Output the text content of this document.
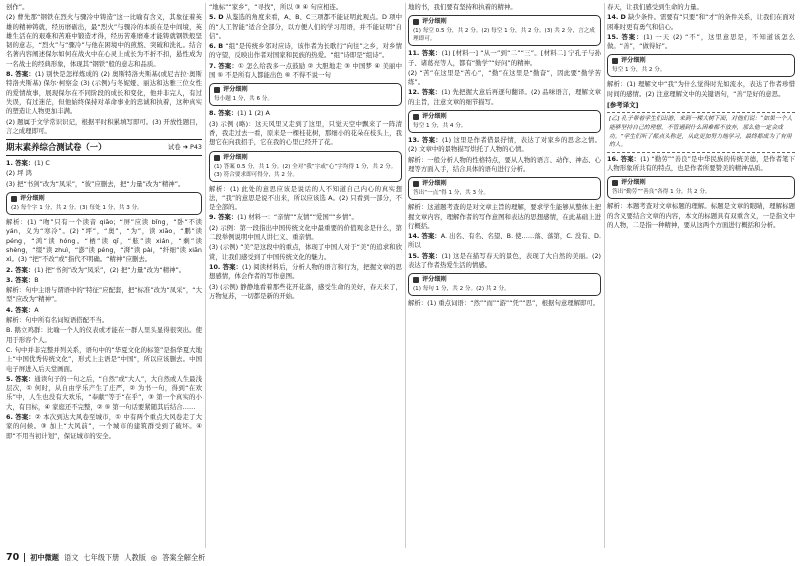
创作”。

(2) 曹先那“钢铁在烈火与骤冷中铸造”这一比喻有含义，其象征着英雄的精神铸就，经历磨砺出，最“烈火”与骤冷的本质在是中间境，英雄生活在的艰难和苦难中锻造才得，经历苦难磨难才能铸就钢铁般坚韧的意志，“烈火”与“骤冷”与他在困境中的煎熬、突破和洗礼。结合名著内容阐述保尔如何在战火中在心灵上成长为不折不扣，悬性成为一名战士的经典形象，体现其“钢铁”般的意志和品质。

8. 答案：(1) 别快是怎样炼成的 (2) 奥斯特洛夫斯基(或尼古拉·奥斯特洛夫斯基) 保尔·柯察金 (3) (示例)与冬妮娅、丽达和达雅三位女性的爱情故事，展现保尔在不同阶段的成长和变化，他并非完人，有过失误，有过迷茫，但他始终保持对革命事业的忠诚和执着，这种真实的塑造让人物更加丰满。

(2) 题属于文学常识识记，根据平时积累填写即可。(3) 开放性题目，言之成理即可。

期末素养综合测试卷（一）	试卷 ➜ P43

1. 答案：(1) C

(2) 坪 鸿

(3) 把“书剑”改为“凤采”，“彼”应删去，把“力量”改为“精神”。

评分细则
(2) 每个字 1 分，共 2 分。(3) 每处 1 分，共 3 分。

解析：(1) “吻”只有一个读音 qiāo；“屏”应读 bǐng，“卧”不读 yán，义为“寒冷”。(2) “坪”，“奥”，“为”，读 xiāo，“鹏”读 péng，“鸿”读 hóng。“栖”读 qī，“舷”读 xián，“剩”读 shèng，“缀”读 zhuì，“澎”读 péng，“湃”读 pài，“纤细”读 xiān xì。(3) “把”不改“或”指代不明确。“精神”应删去。

2. 答案：(1) 把“书剑”改为“凤采”，(2) 把“力量”改为“精神”。

3. 答案：B

解析：句中主语与谓语中的“特征”应配套，把“标准”改为“凤采”，“大型”应改为“精神”。

4. 答案：A

解析：句中所有名词短语搭配不当。

B. 鹅立鸡群：比喻一个人的仪表或才能在一群人里头显得很突出。使用于形容个人。

C. 句中并非完整并列关系，语句中的“华夏文化的标签”是指华夏大地上“中国优秀传统文化”，形式上主语是“中国”，所以应该删去。中国电子屏进入后天堂画面。

5. 答案：通读句子的一句之后，“自然”或“大人”，大自然或人生最浅层次，① 何时，从自由学乐产生了庄严，② 为书一句，得到“在欢乐”中，人生也没有大欢乐，“奉献”等于“在乎”，③ 第一个真实的小大，有目标，④ 家庭还不完整，② ⑤ 第一句话要紧随其后结合……

6. 答案：② 本次到达大风卷至城市，① 中有两个重点大风卷走了大家的问候。③ 加上“大风前”，一个城市的建筑群受到了破坏。④ 即“不用当初计划”，保证城市的安全。

“地标”“家乡”，“寻找”，所以 ③ ④ 句应相连。

5. D 从鉴选的角度来看，A、B、C三项都不能证明此观点。D 项中的“人工智能”适合全部分，以方便人们的学习用语，并不能证明“自信”。

6. B “组”是传统乡邻对应诗，该作者为长歌行“向往”之乡，对乡情的守望，反映出作者对国家和民族的热爱。“组”诗即是“组诗”。

7. 答案：① 怎么给我多一点鼓励 ② 大胆地走 ③ 中国梦 ④ 美丽中国 ⑤ 不是所有人都能出色 ⑥ 不得不说一句

评分细则
每小题 1 分，共 6 分。

8. 答案：(1) 1 (2) A

(3) 示例 (略)：这天风里又走到了这里，只觉天空中飘来了一阵清香，我走过去一看，原来是一棵桂花树，那细小的花朵在枝头上，我想它在向我招手，它在我的心里已经开了花。

评分细则
(1) 答案 0.5 分，共 1 分。(2) 全对“我”字或“心”字均得 1 分，共 2 分。(3) 符合要求即可得分，共 2 分。

解析：(1) 此处的意思应该是说话的人不知道自己内心的真实想法，“我”的意思是说不出来，所以应该选 A。(2) 只看到一部分，不是全部的。

9. 答案：(1) 材料一：“亲情”“友情”“爱国”“乡情”。

(2) 示例：第一段指出中国传统文化中最重要的价值观念是什么，第二段举例说明中国人讲仁义、重亲情。

(3) (示例) “美”是这段中的重点，体现了中国人对于“美”的追求和欣赏，让我们感受到了中国传统文化的魅力。

10. 答案：(1) 阅读材料后，分析人物的语言和行为，把握文章的思想感情，体会作者的写作意图。

(3) (示例) 静静地看着那些花开花落，感受生命的美好，春天来了，万物复苏，一切都是新的开始。

地的书，我们要有坚持和执着的精神。

评分细则
(1) 每空 0.5 分，共 2 分。(2) 每空 1 分，共 2 分。(3) 共 2 分，言之成理即可。

11. 答案：(1) [材料一] “从一”到“二”“三”。[材料二] 宁孔子与孙子、诸葛亮等人，都有“勤学”“好问”的精神。

(2) “苦”在这里是“苦心”，“勤”在这里是“勤奋”，因此要“勤学苦练”。

12. 答案：(1) 先把握大意后再逐句翻译。(2) 品味语言，理解文章的主旨，注意文章的细节描写。

评分细则
每空 1 分，共 4 分。

13. 答案：(1) 这里是作者借景抒情，表达了对家乡的思念之情。(2) 文章中的景物描写烘托了人物的心情。

解析：一般分析人物的性格特点，要从人物的语言、动作、神态、心理等方面入手，结合具体的语句进行分析。

评分细则
答出“一点”得 1 分，共 3 分。

解析：这道题考查的是对文章主旨的理解，要求学生能够从整体上把握文章内容，理解作者的写作意图和表达的思想感情，在此基础上进行概括。

14. 答案：A. 出名、有名、名望、B. 使……落、落第，C. 没有、D. 所以

15. 答案：(1) 这是在描写春天的景色，表现了大自然的美丽。(2) 表达了作者热爱生活的情感。

评分细则
(1) 每句 1 分，共 2 分。(2) 共 2 分。

解析：(1) 重点词语：“然”“而”“游”“凭”“思”，根据句意理解即可。

春天，让我们感受到生命的力量。

14. D 缺少条件。需要有“只要”和“才”的条件关系，让我们在面对困难时更有勇气和信心。

15. 答案：(1) 一天 (2) “不”，这里意思是，不知道该怎么做。“善”，“做得好”。

评分细则
每空 1 分，共 2 分。

解析：(1) 理解文中“我”为什么觉得时光如流水，表达了作者珍惜时间的感情。(2) 注意理解文中的关键语句，“善”是好的意思。

[参考译文]

[乙] 孔子带着学生们出游，来到一棵大树下面，对他们说：“如果一个人能够坚持自己的理想，不管遇到什么困难都不放弃，那么他一定会成功。”学生们听了都点头称是，从此更加努力地学习，最终都成为了有用的人。

16. 答案：(1) “勤劳”“善良”是中华民族的传统美德，是作者笔下人物形象所共有的特点，也是作者所要赞美的精神品质。

评分细则
答出“勤劳”“善良”各得 1 分，共 2 分。

解析：本题考查对文章标题的理解。标题是文章的眼睛，理解标题的含义要结合文章的内容，本文的标题具有双重含义，一是指文中的人物，二是指一种精神，要从这两个方面进行概括和分析。

70 初中微题 语文 七年级下册 人教版 ◎ 答案全解全析
